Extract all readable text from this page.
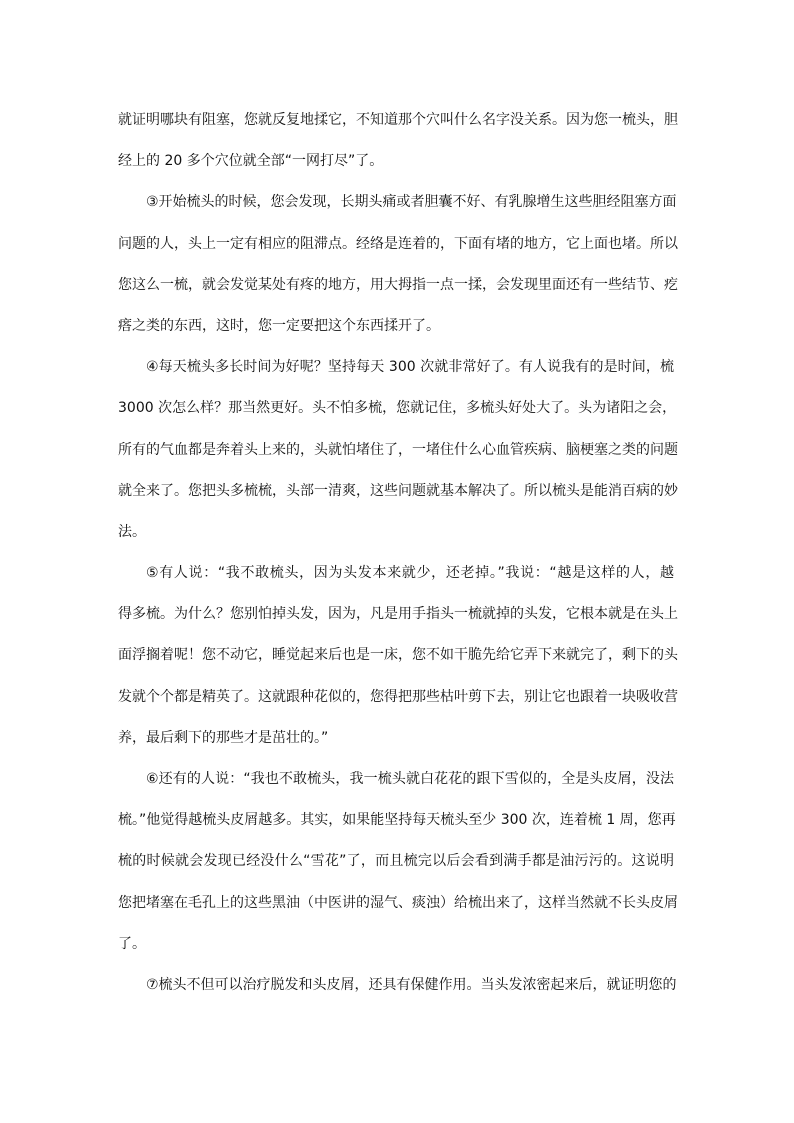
就证明哪块有阻塞，您就反复地揉它，不知道那个穴叫什么名字没关系。因为您一梳头，胆
经上的 20 多个穴位就全部“一网打尽”了。
③开始梳头的时候，您会发现，长期头痛或者胆囊不好、有乳腺增生这些胆经阻塞方面
问题的人，头上一定有相应的阻滞点。经络是连着的，下面有堵的地方，它上面也堵。所以
您这么一梳，就会发觉某处有疼的地方，用大拇指一点一揉，会发现里面还有一些结节、疙
瘩之类的东西，这时，您一定要把这个东西揉开了。
④每天梳头多长时间为好呢？坚持每天 300 次就非常好了。有人说我有的是时间，梳
3000 次怎么样？那当然更好。头不怕多梳，您就记住，多梳头好处大了。头为诸阳之会，
所有的气血都是奔着头上来的，头就怕堵住了，一堵住什么心血管疾病、脑梗塞之类的问题
就全来了。您把头多梳梳，头部一清爽，这些问题就基本解决了。所以梳头是能消百病的妙
法。
⑤有人说：“我不敢梳头，因为头发本来就少，还老掉。”我说：“越是这样的人，越
得多梳。为什么？您别怕掉头发，因为，凡是用手指头一梳就掉的头发，它根本就是在头上
面浮搁着呢！您不动它，睡觉起来后也是一床，您不如干脆先给它弄下来就完了，剩下的头
发就个个都是精英了。这就跟种花似的，您得把那些枯叶剪下去，别让它也跟着一块吸收营
养，最后剩下的那些才是茁壮的。”
⑥还有的人说：“我也不敢梳头，我一梳头就白花花的跟下雪似的，全是头皮屑，没法
梳。”他觉得越梳头皮屑越多。其实，如果能坚持每天梳头至少 300 次，连着梳 1 周，您再
梳的时候就会发现已经没什么“雪花”了，而且梳完以后会看到满手都是油污污的。这说明
您把堵塞在毛孔上的这些黑油（中医讲的湿气、痰浊）给梳出来了，这样当然就不长头皮屑
了。
⑦梳头不但可以治疗脱发和头皮屑，还具有保健作用。当头发浓密起来后，就证明您的
